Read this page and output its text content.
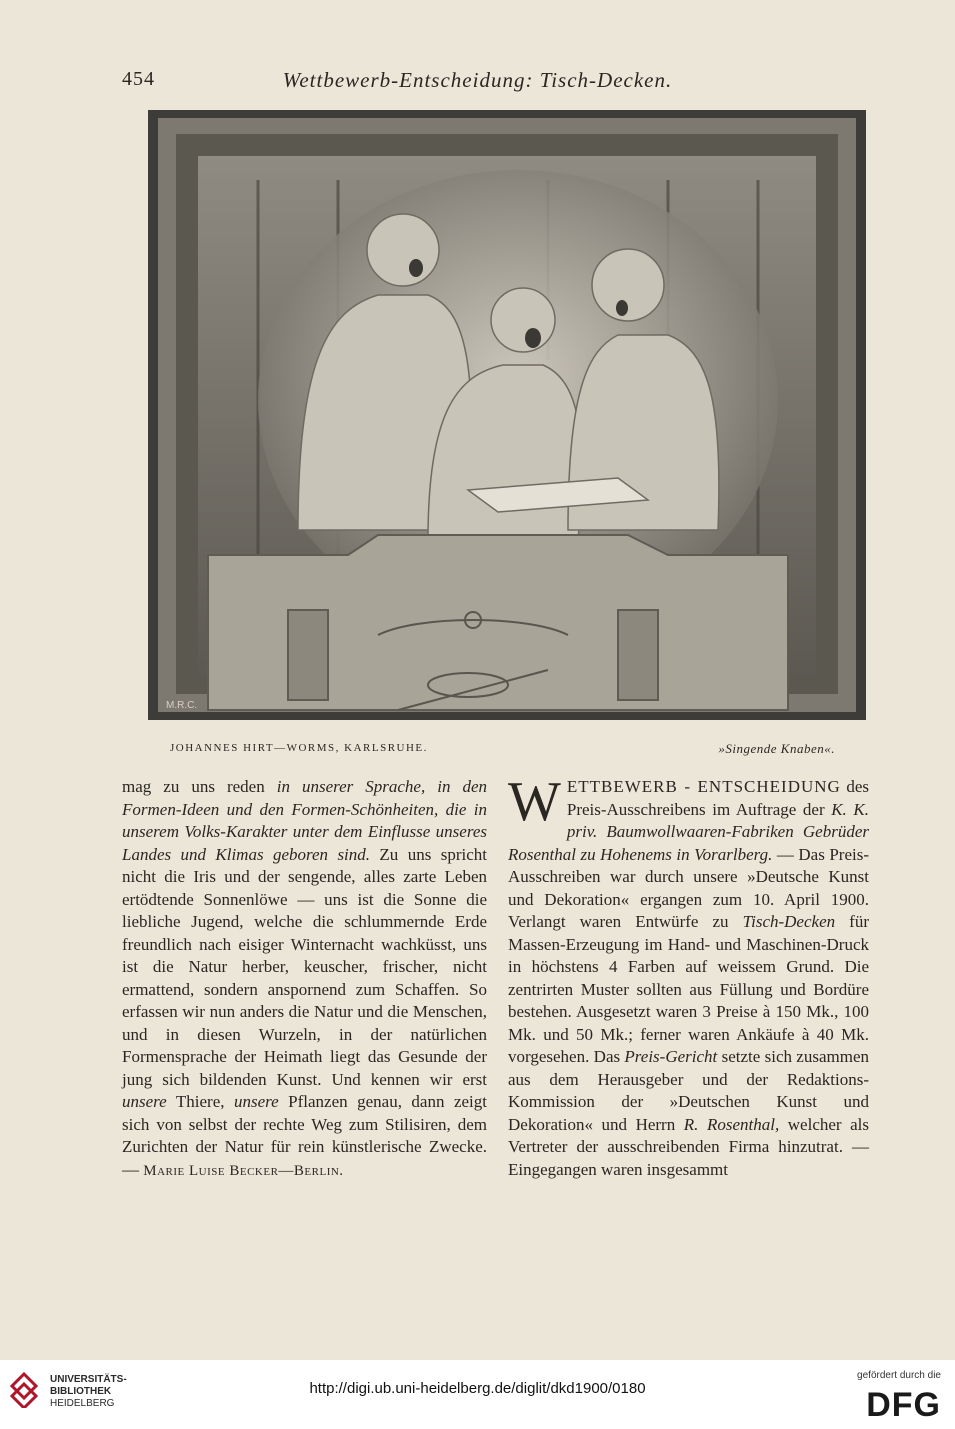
454	Wettbewerb-Entscheidung: Tisch-Decken.
M.R.C.
JOHANNES HIRT—WORMS, KARLSRUHE.	»Singende Knaben«.

mag zu uns reden in unserer Sprache, in den Formen-Ideen und den Formen-Schönheiten, die in unserem Volks-Karakter unter dem Einflusse unseres Landes und Klimas geboren sind. Zu uns spricht nicht die Iris und der sengende, alles zarte Leben ertödtende Sonnenlöwe — uns ist die Sonne die liebliche Jugend, welche die schlummernde Erde freundlich nach eisiger Winternacht wachküsst, uns ist die Natur herber, keuscher, frischer, nicht ermattend, sondern anspornend zum Schaffen. So erfassen wir nun anders die Natur und die Menschen, und in diesen Wurzeln, in der natürlichen Formensprache der Heimath liegt das Gesunde der jung sich bildenden Kunst. Und kennen wir erst unsere Thiere, unsere Pflanzen genau, dann zeigt sich von selbst der rechte Weg zum Stilisiren, dem Zurichten der Natur für rein künstlerische Zwecke. — Marie Luise Becker—Berlin.

WETTBEWERB - ENTSCHEIDUNG des Preis-Ausschreibens im Auftrage der K. K. priv. Baumwollwaaren-Fabriken Gebrüder Rosenthal zu Hohenems in Vorarlberg. — Das Preis-Ausschreiben war durch unsere »Deutsche Kunst und Dekoration« ergangen zum 10. April 1900. Verlangt waren Entwürfe zu Tisch-Decken für Massen-Erzeugung im Hand- und Maschinen-Druck in höchstens 4 Farben auf weissem Grund. Die zentrirten Muster sollten aus Füllung und Bordüre bestehen. Ausgesetzt waren 3 Preise à 150 Mk., 100 Mk. und 50 Mk.; ferner waren Ankäufe à 40 Mk. vorgesehen. Das Preis-Gericht setzte sich zusammen aus dem Herausgeber und der Redaktions-Kommission der »Deutschen Kunst und Dekoration« und Herrn R. Rosenthal, welcher als Vertreter der ausschreibenden Firma hinzutrat. — Eingegangen waren insgesammt

UNIVERSITÄTS-
BIBLIOTHEK
HEIDELBERG
http://digi.ub.uni-heidelberg.de/diglit/dkd1900/0180
gefördert durch die
DFG
